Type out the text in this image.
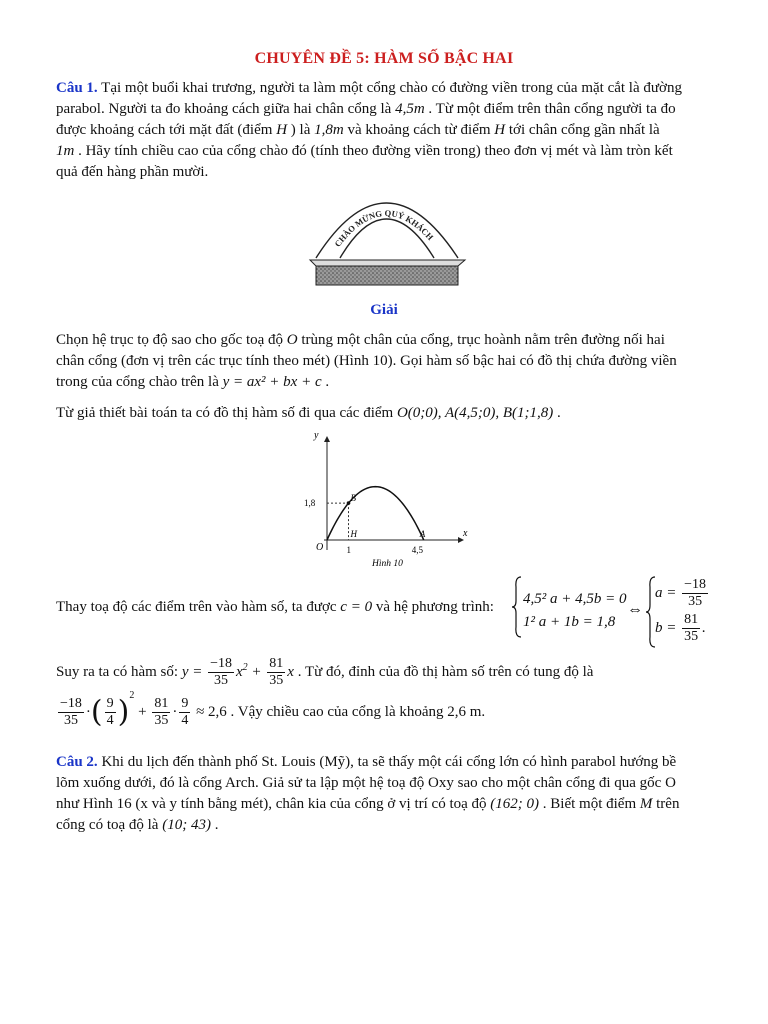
CHUYÊN ĐỀ 5: HÀM SỐ BẬC HAI

Câu 1. Tại một buổi khai trương, người ta làm một cổng chào có đường viền trong của mặt cắt là đường

parabol. Người ta đo khoảng cách giữa hai chân cổng là 4,5m . Từ một điểm trên thân cổng người ta đo

được khoảng cách tới mặt đất (điểm H ) là 1,8m và khoảng cách từ điểm H tới chân cổng gần nhất là

1m . Hãy tính chiều cao của cổng chào đó (tính theo đường viền trong) theo đơn vị mét và làm tròn kết

quả đến hàng phần mười.

CHÀO MỪNG QUÝ KHÁCH
Giải

Chọn hệ trục tọ độ sao cho gốc toạ độ O trùng một chân của cổng, trục hoành nằm trên đường nối hai

chân cổng (đơn vị trên các trục tính theo mét) (Hình 10). Gọi hàm số bậc hai có đồ thị chứa đường viền

trong của cổng chào trên là y = ax² + bx + c .

Từ giả thiết bài toán ta có đồ thị hàm số đi qua các điểm O(0;0), A(4,5;0), B(1;1,8) .

y
x
O
1,8
1	4,5
B
H	A
Hình 10

Thay toạ độ các điểm trên vào hàm số, ta được c = 0 và hệ phương trình:	4,5² a + 4,5b = 0
1² a + 1b = 1,8
⇔
$a = \frac{-18}{35}$
$b = \frac{81}{35}$ .
Suy ra ta có hàm số: $y = \frac{-18}{35} x^2 + \frac{81}{35}$ x . Từ đó, đỉnh của đồ thị hàm số trên có tung độ là
$\frac{-18}{35}$ ·( $\frac{9}{4} )^2 + \frac{81}{35} \cdot \frac{9}{4} \approx 2,6$ . Vậy chiều cao của cổng là khoảng 2,6 m.

Câu 2. Khi du lịch đến thành phố St. Louis (Mỹ), ta sẽ thấy một cái cổng lớn có hình parabol hướng bề

lõm xuống dưới, đó là cổng Arch. Giả sử ta lập một hệ toạ độ Oxy sao cho một chân cổng đi qua gốc O

như Hình 16 (x và y tính bằng mét), chân kia của cổng ở vị trí có toạ độ (162; 0) . Biết một điểm M trên

cổng có toạ độ là (10; 43) .
